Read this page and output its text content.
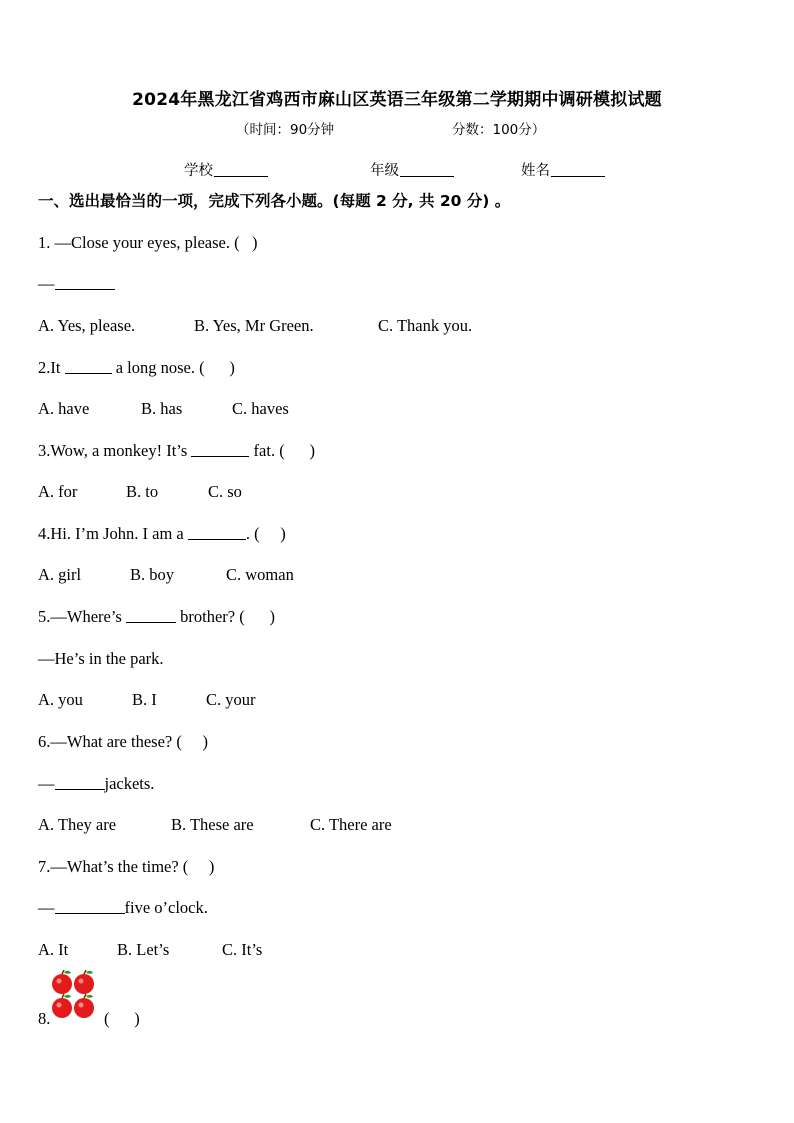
2024年黑龙江省鸡西市麻山区英语三年级第二学期期中调研模拟试题
（时间：90分钟	分数：100分）
学校	年级	姓名
一、选出最恰当的一项，完成下列各小题。(每题 2 分, 共 20 分) 。
1. —Close your eyes, please. (   )
—
A. Yes, please.	B. Yes, Mr Green.	C. Thank you.
2.It	a long nose. (      )
A. have	B. has	C. haves
3.Wow, a monkey! It’s	fat. (      )
A. for	B. to	C. so
4.Hi. I’m John. I am a	. (     )
A. girl	B. boy	C. woman
5.—Where’s	brother? (      )
—He’s in the park.
A. you	B. I	C. your
6.—What are these? (     )
—	jackets.
A. They are	B. These are	C. There are
7.—What’s the time? (     )
—	five o’clock.
A. It	B. Let’s	C. It’s
8.	(      )
